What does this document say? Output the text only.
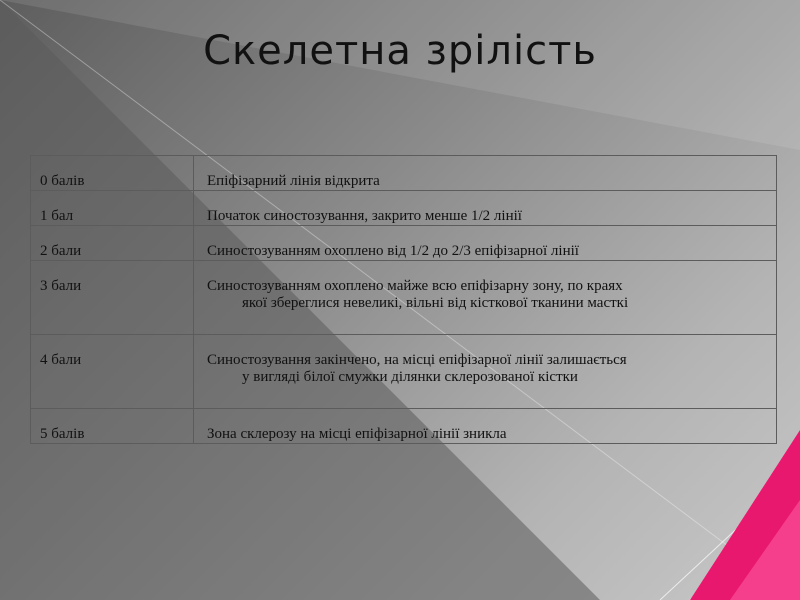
Скелетна зрілість
0 балів	Епіфізарний лінія відкрита

1 бал	Початок синостозування, закрито менше 1/2 лінії

2 бали	Синостозуванням охоплено від 1/2 до 2/3 епіфізарної лінії

3 бали	Синостозуванням охоплено майже всю епіфізарну зону, по краях
якої збереглися невеликі, вільні від кісткової тканини масткі

4 бали	Синостозування закінчено, на місці епіфізарної лінії залишається
у вигляді білої смужки ділянки склерозованої кістки

5 балів	Зона склерозу на місці епіфізарної лінії зникла
